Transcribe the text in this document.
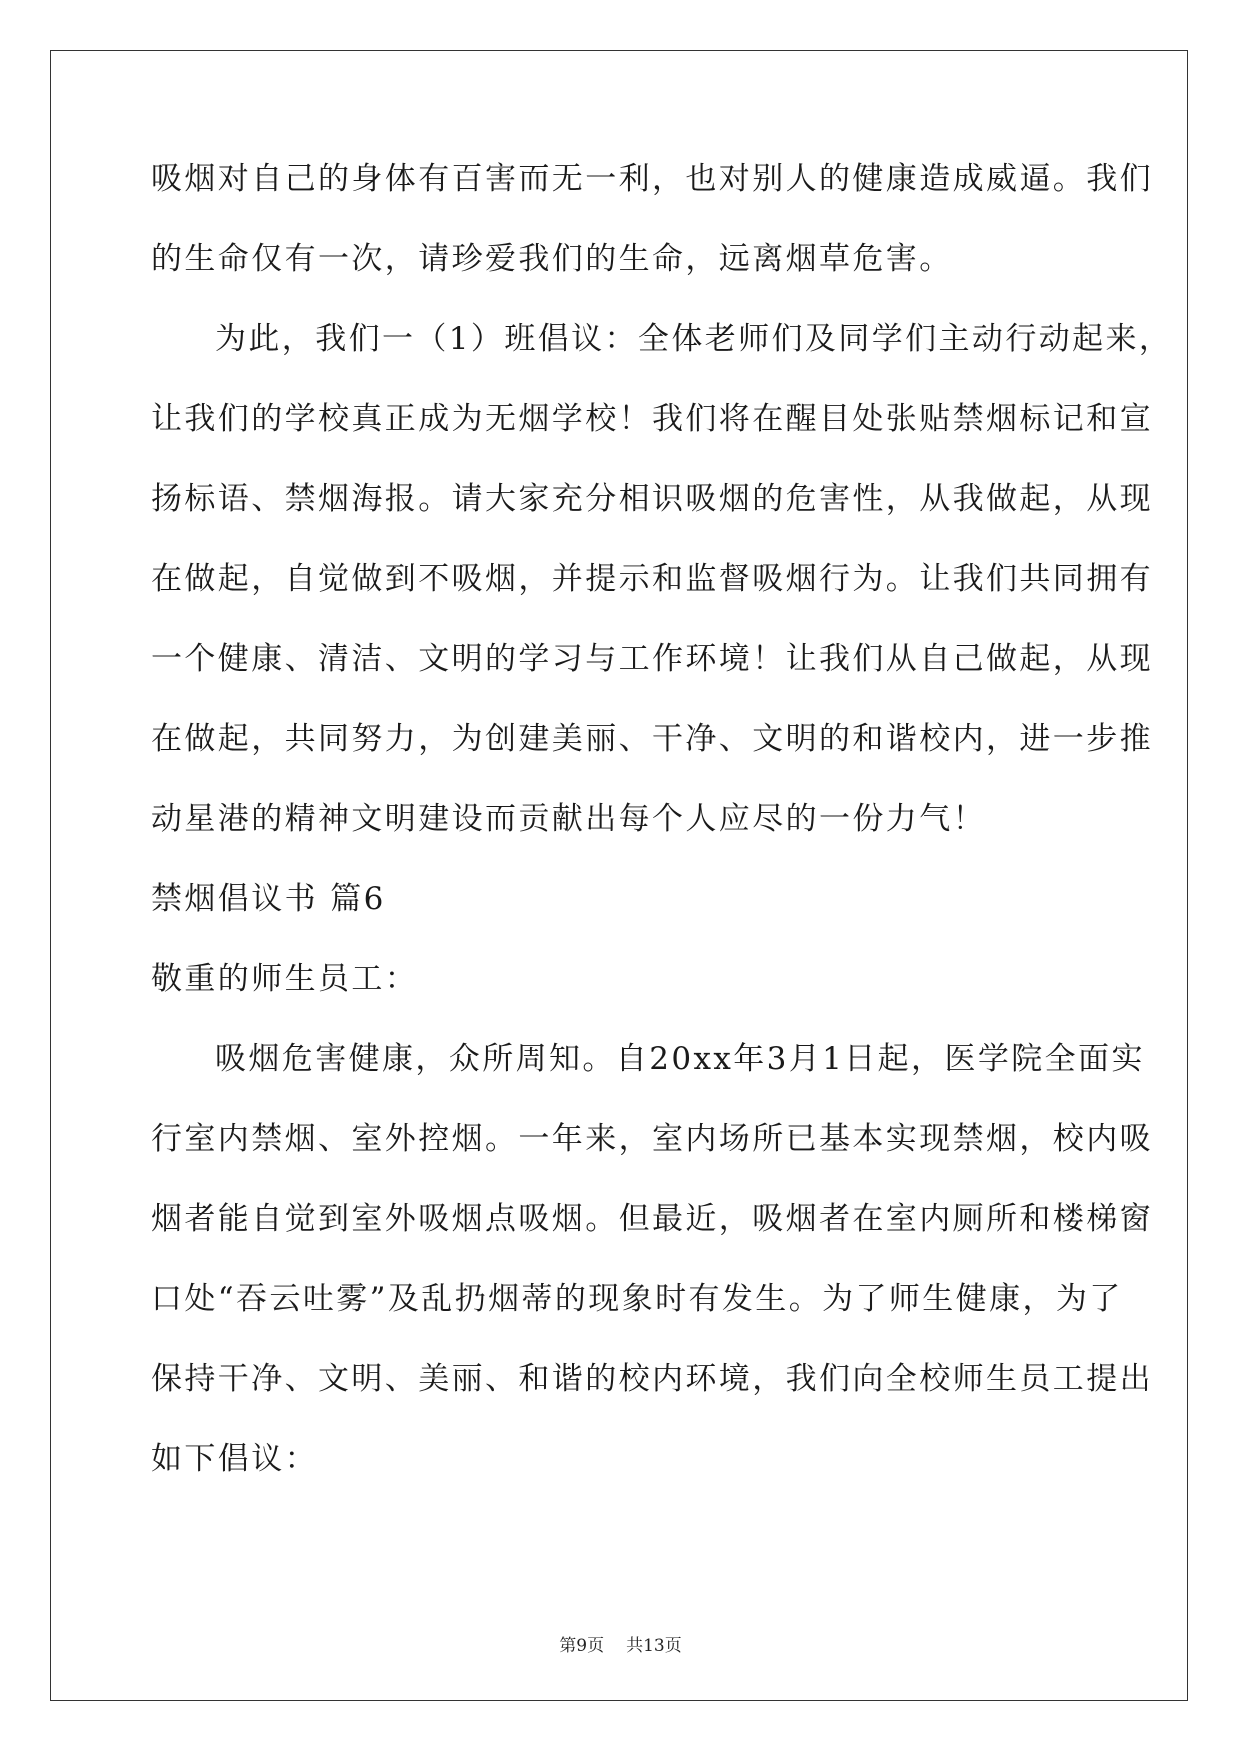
吸烟对自己的身体有百害而无一利，也对别人的健康造成威逼。我们
的生命仅有一次，请珍爱我们的生命，远离烟草危害。
为此，我们一（1）班倡议：全体老师们及同学们主动行动起来，
让我们的学校真正成为无烟学校！我们将在醒目处张贴禁烟标记和宣
扬标语、禁烟海报。请大家充分相识吸烟的危害性，从我做起，从现
在做起，自觉做到不吸烟，并提示和监督吸烟行为。让我们共同拥有
一个健康、清洁、文明的学习与工作环境！让我们从自己做起，从现
在做起，共同努力，为创建美丽、干净、文明的和谐校内，进一步推
动星港的精神文明建设而贡献出每个人应尽的一份力气！
禁烟倡议书 篇6
敬重的师生员工：
吸烟危害健康，众所周知。自20xx年3月1日起，医学院全面实
行室内禁烟、室外控烟。一年来，室内场所已基本实现禁烟，校内吸
烟者能自觉到室外吸烟点吸烟。但最近，吸烟者在室内厕所和楼梯窗
口处“吞云吐雾”及乱扔烟蒂的现象时有发生。为了师生健康，为了
保持干净、文明、美丽、和谐的校内环境，我们向全校师生员工提出
如下倡议：
第9页 共13页
